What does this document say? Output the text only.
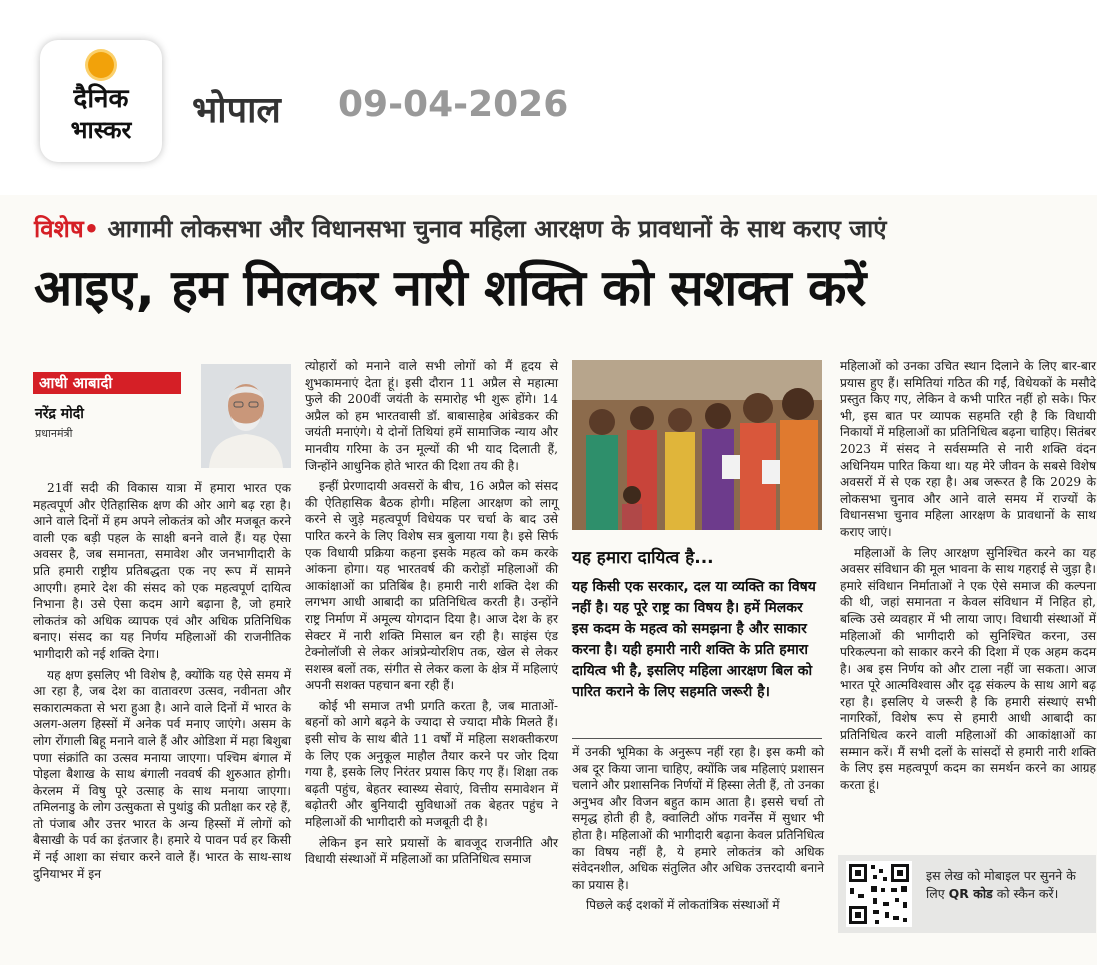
दैनिक
भास्कर	भोपाल 09-04-2026
विशेष• आगामी लोकसभा और विधानसभा चुनाव महिला आरक्षण के प्रावधानों के साथ कराए जाएं
आइए, हम मिलकर नारी शक्ति को सशक्त करें
आधी आबादी
नरेंद्र मोदी
प्रधानमंत्री

21वीं सदी की विकास यात्रा में हमारा भारत एक महत्वपूर्ण और ऐतिहासिक क्षण की ओर आगे बढ़ रहा है। आने वाले दिनों में हम अपने लोकतंत्र को और मजबूत करने वाली एक बड़ी पहल के साक्षी बनने वाले हैं। यह ऐसा अवसर है, जब समानता, समावेश और जनभागीदारी के प्रति हमारी राष्ट्रीय प्रतिबद्धता एक नए रूप में सामने आएगी। हमारे देश की संसद को एक महत्वपूर्ण दायित्व निभाना है। उसे ऐसा कदम आगे बढ़ाना है, जो हमारे लोकतंत्र को अधिक व्यापक एवं और अधिक प्रतिनिधिक बनाए। संसद का यह निर्णय महिलाओं की राजनीतिक भागीदारी को नई शक्ति देगा।

यह क्षण इसलिए भी विशेष है, क्योंकि यह ऐसे समय में आ रहा है, जब देश का वातावरण उत्सव, नवीनता और सकारात्मकता से भरा हुआ है। आने वाले दिनों में भारत के अलग-अलग हिस्सों में अनेक पर्व मनाए जाएंगे। असम के लोग रोंगाली बिहू मनाने वाले हैं और ओडिशा में महा बिशुबा पणा संक्रांति का उत्सव मनाया जाएगा। पश्चिम बंगाल में पोइला बैशाख के साथ बंगाली नववर्ष की शुरुआत होगी। केरलम में विषु पूरे उत्साह के साथ मनाया जाएगा। तमिलनाडु के लोग उत्सुकता से पुथांडु की प्रतीक्षा कर रहे हैं, तो पंजाब और उत्तर भारत के अन्य हिस्सों में लोगों को बैसाखी के पर्व का इंतजार है। हमारे ये पावन पर्व हर किसी में नई आशा का संचार करने वाले हैं। भारत के साथ-साथ दुनियाभर में इन

त्योहारों को मनाने वाले सभी लोगों को मैं हृदय से शुभकामनाएं देता हूं। इसी दौरान 11 अप्रैल से महात्मा फुले की 200वीं जयंती के समारोह भी शुरू होंगे। 14 अप्रैल को हम भारतवासी डॉ. बाबासाहेब आंबेडकर की जयंती मनाएंगे। ये दोनों तिथियां हमें सामाजिक न्याय और मानवीय गरिमा के उन मूल्यों की भी याद दिलाती हैं, जिन्होंने आधुनिक होते भारत की दिशा तय की है।

इन्हीं प्रेरणादायी अवसरों के बीच, 16 अप्रैल को संसद की ऐतिहासिक बैठक होगी। महिला आरक्षण को लागू करने से जुड़े महत्वपूर्ण विधेयक पर चर्चा के बाद उसे पारित करने के लिए विशेष सत्र बुलाया गया है। इसे सिर्फ एक विधायी प्रक्रिया कहना इसके महत्व को कम करके आंकना होगा। यह भारतवर्ष की करोड़ों महिलाओं की आकांक्षाओं का प्रतिबिंब है। हमारी नारी शक्ति देश की लगभग आधी आबादी का प्रतिनिधित्व करती है। उन्होंने राष्ट्र निर्माण में अमूल्य योगदान दिया है। आज देश के हर सेक्टर में नारी शक्ति मिसाल बन रही है। साइंस एंड टेक्नोलॉजी से लेकर आंत्रप्रेन्योरशिप तक, खेल से लेकर सशस्त्र बलों तक, संगीत से लेकर कला के क्षेत्र में महिलाएं अपनी सशक्त पहचान बना रही हैं।

कोई भी समाज तभी प्रगति करता है, जब माताओं-बहनों को आगे बढ़ने के ज्यादा से ज्यादा मौके मिलते हैं। इसी सोच के साथ बीते 11 वर्षों में महिला सशक्तीकरण के लिए एक अनुकूल माहौल तैयार करने पर जोर दिया गया है, इसके लिए निरंतर प्रयास किए गए हैं। शिक्षा तक बढ़ती पहुंच, बेहतर स्वास्थ्य सेवाएं, वित्तीय समावेशन में बढ़ोतरी और बुनियादी सुविधाओं तक बेहतर पहुंच ने महिलाओं की भागीदारी को मजबूती दी है।

लेकिन इन सारे प्रयासों के बावजूद राजनीति और विधायी संस्थाओं में महिलाओं का प्रतिनिधित्व समाज

यह हमारा दायित्व है...
यह किसी एक सरकार, दल या व्यक्ति का विषय नहीं है। यह पूरे राष्ट्र का विषय है। हमें मिलकर इस कदम के महत्व को समझना है और साकार करना है। यही हमारी नारी शक्ति के प्रति हमारा दायित्व भी है, इसलिए महिला आरक्षण बिल को पारित कराने के लिए सहमति जरूरी है।

में उनकी भूमिका के अनुरूप नहीं रहा है। इस कमी को अब दूर किया जाना चाहिए, क्योंकि जब महिलाएं प्रशासन चलाने और प्रशासनिक निर्णयों में हिस्सा लेती हैं, तो उनका अनुभव और विजन बहुत काम आता है। इससे चर्चा तो समृद्ध होती ही है, क्वालिटी ऑफ गवर्नेंस में सुधार भी होता है। महिलाओं की भागीदारी बढ़ाना केवल प्रतिनिधित्व का विषय नहीं है, ये हमारे लोकतंत्र को अधिक संवेदनशील, अधिक संतुलित और अधिक उत्तरदायी बनाने का प्रयास है।

पिछले कई दशकों में लोकतांत्रिक संस्थाओं में

महिलाओं को उनका उचित स्थान दिलाने के लिए बार-बार प्रयास हुए हैं। समितियां गठित की गईं, विधेयकों के मसौदे प्रस्तुत किए गए, लेकिन वे कभी पारित नहीं हो सके। फिर भी, इस बात पर व्यापक सहमति रही है कि विधायी निकायों में महिलाओं का प्रतिनिधित्व बढ़ना चाहिए। सितंबर 2023 में संसद ने सर्वसम्मति से नारी शक्ति वंदन अधिनियम पारित किया था। यह मेरे जीवन के सबसे विशेष अवसरों में से एक रहा है। अब जरूरत है कि 2029 के लोकसभा चुनाव और आने वाले समय में राज्यों के विधानसभा चुनाव महिला आरक्षण के प्रावधानों के साथ कराए जाएं।

महिलाओं के लिए आरक्षण सुनिश्चित करने का यह अवसर संविधान की मूल भावना के साथ गहराई से जुड़ा है। हमारे संविधान निर्माताओं ने एक ऐसे समाज की कल्पना की थी, जहां समानता न केवल संविधान में निहित हो, बल्कि उसे व्यवहार में भी लाया जाए। विधायी संस्थाओं में महिलाओं की भागीदारी को सुनिश्चित करना, उस परिकल्पना को साकार करने की दिशा में एक अहम कदम है। अब इस निर्णय को और टाला नहीं जा सकता। आज भारत पूरे आत्मविश्वास और दृढ़ संकल्प के साथ आगे बढ़ रहा है। इसलिए ये जरूरी है कि हमारी संस्थाएं सभी नागरिकों, विशेष रूप से हमारी आधी आबादी का प्रतिनिधित्व करने वाली महिलाओं की आकांक्षाओं का सम्मान करें। मैं सभी दलों के सांसदों से हमारी नारी शक्ति के लिए इस महत्वपूर्ण कदम का समर्थन करने का आग्रह करता हूं।

इस लेख को मोबाइल पर सुनने के लिए QR कोड को स्कैन करें।
